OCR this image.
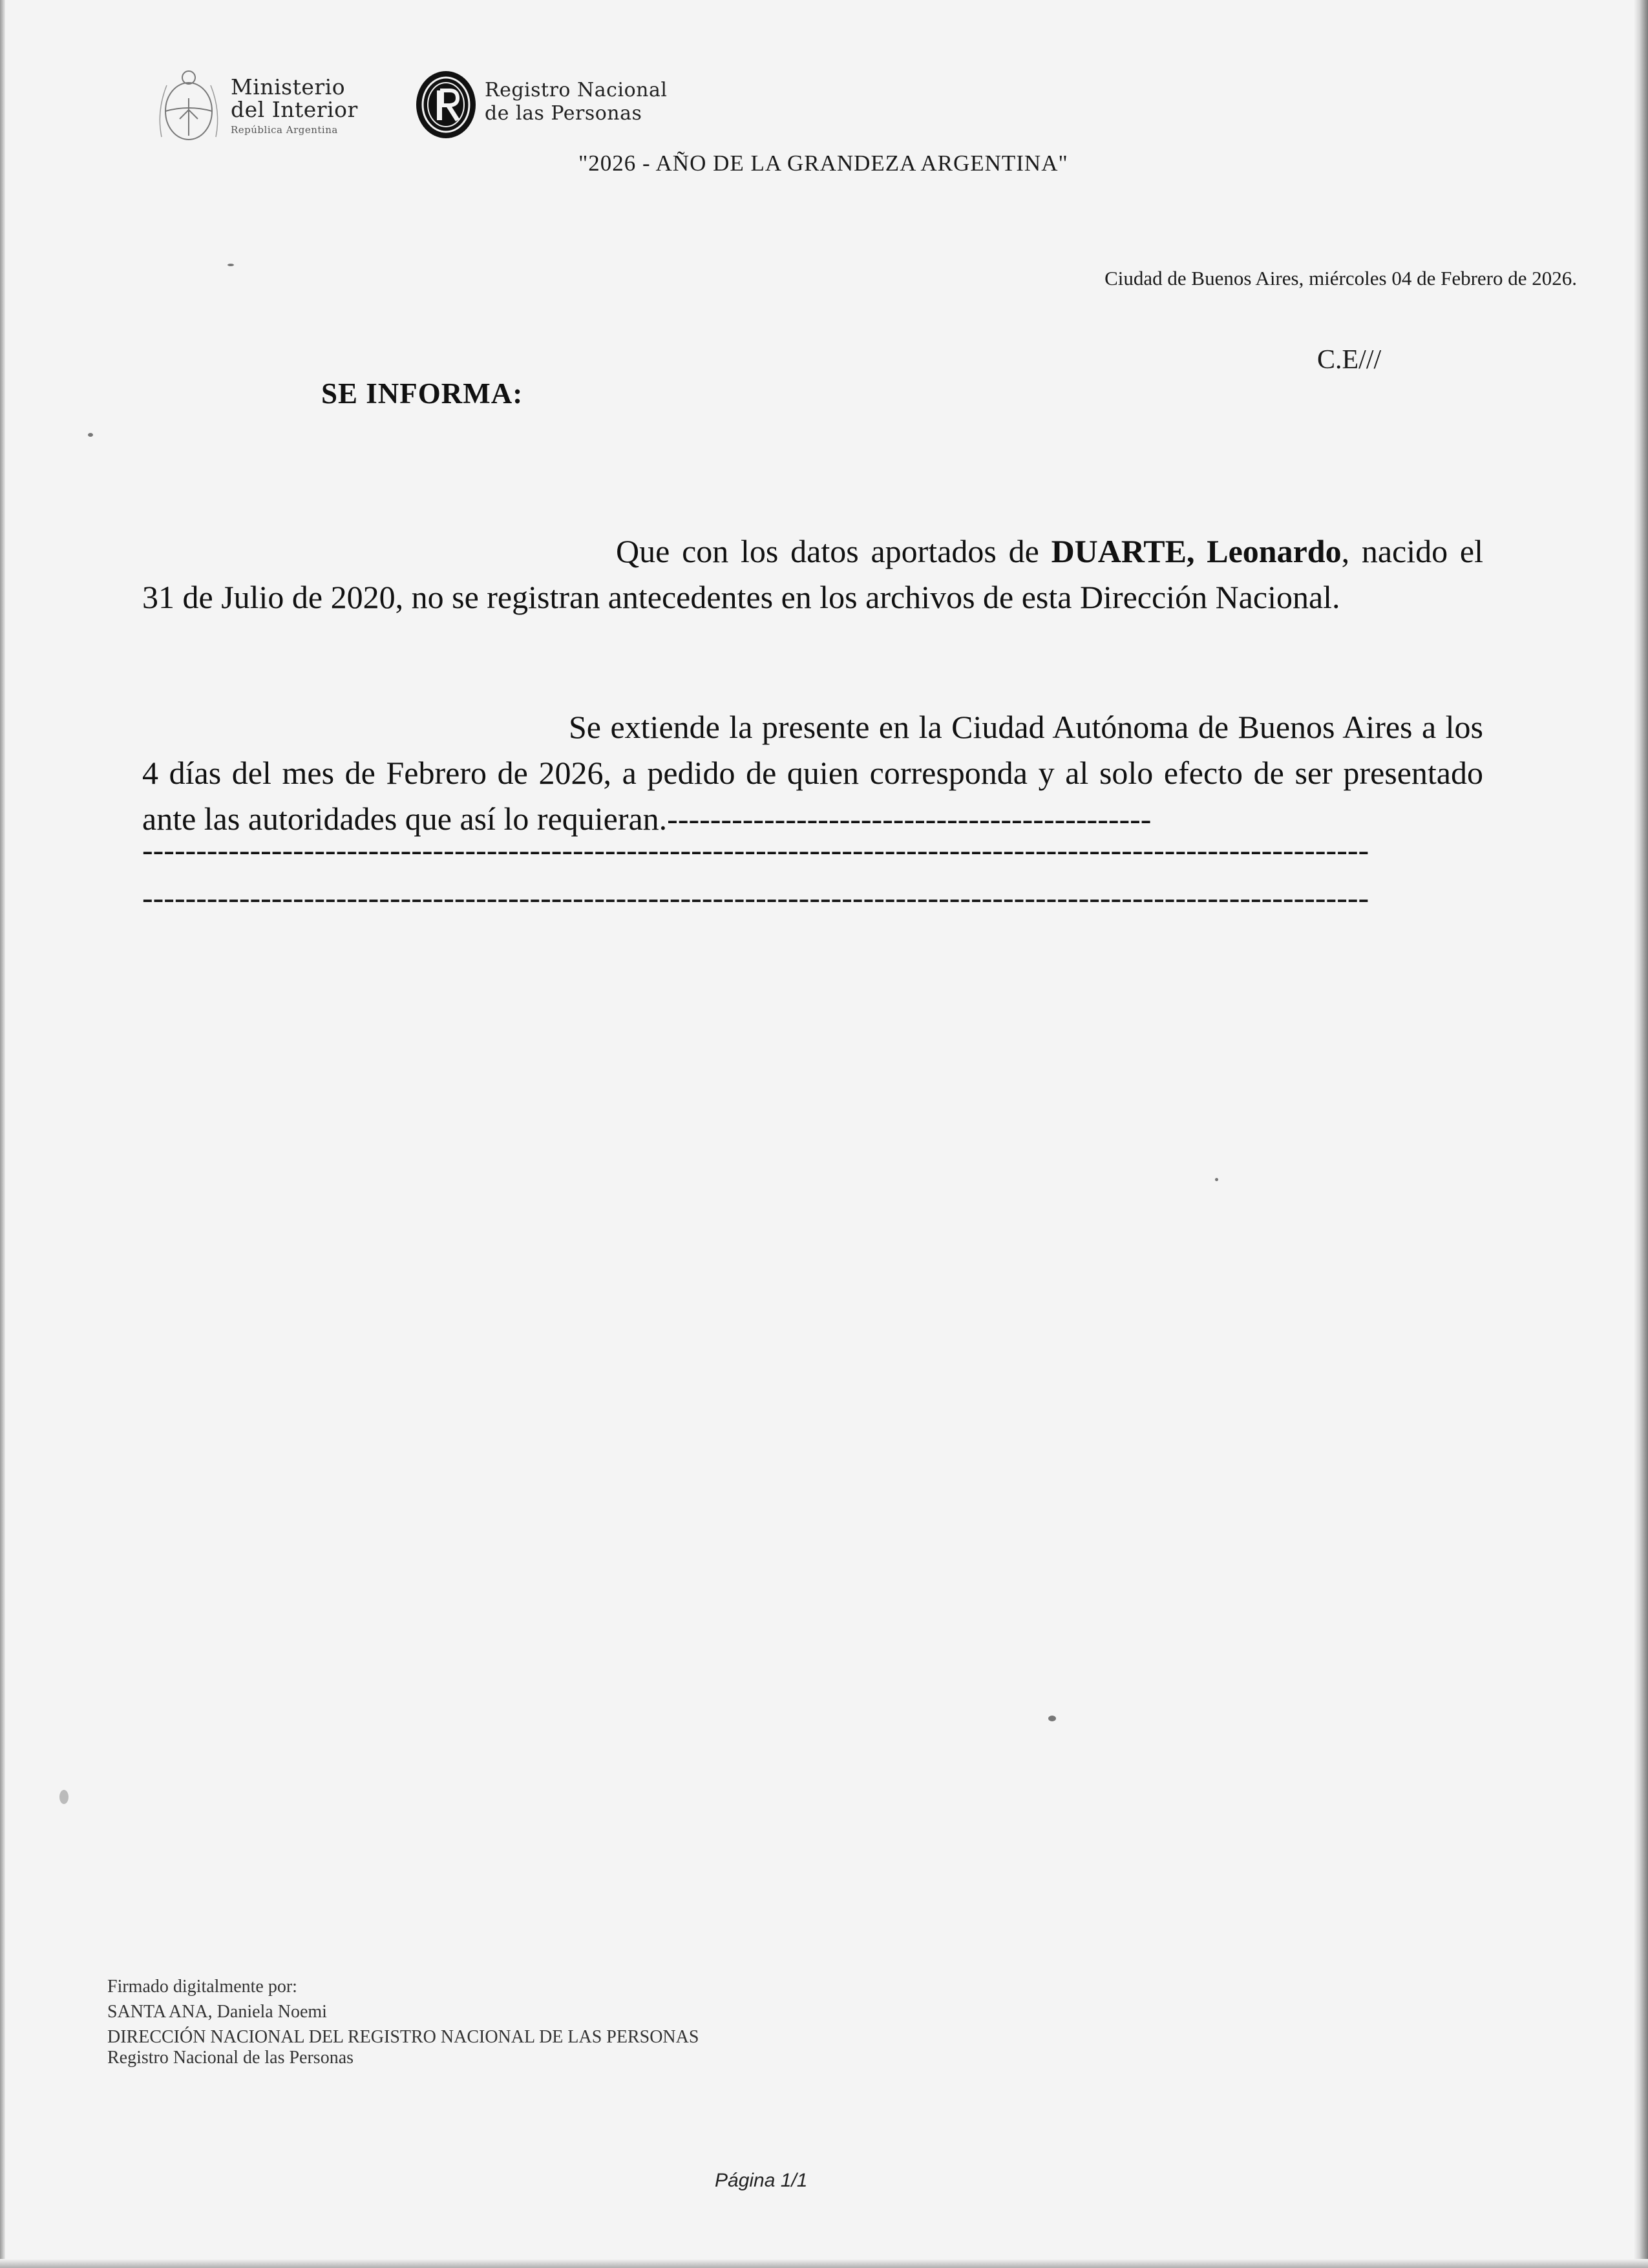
Ministerio
del Interior
República Argentina
Registro Nacional
de las Personas
"2026 - AÑO DE LA GRANDEZA ARGENTINA"
Ciudad de Buenos Aires, miércoles 04 de Febrero de 2026.
C.E///
SE INFORMA:
Que con los datos aportados de DUARTE, Leonardo, nacido el 31 de Julio de 2020, no se registran antecedentes en los archivos de esta Dirección Nacional.
Se extiende la presente en la Ciudad Autónoma de Buenos Aires a los 4 días del mes de Febrero de 2026, a pedido de quien corresponda y al solo efecto de ser presentado ante las autoridades que así lo requieran.---------------------------------------------
------------------------------------------------------------------------------------------------------------------
------------------------------------------------------------------------------------------------------------------
Firmado digitalmente por:
SANTA ANA, Daniela Noemi
DIRECCIÓN NACIONAL DEL REGISTRO NACIONAL DE LAS PERSONAS
Registro Nacional de las Personas
Página 1/1
